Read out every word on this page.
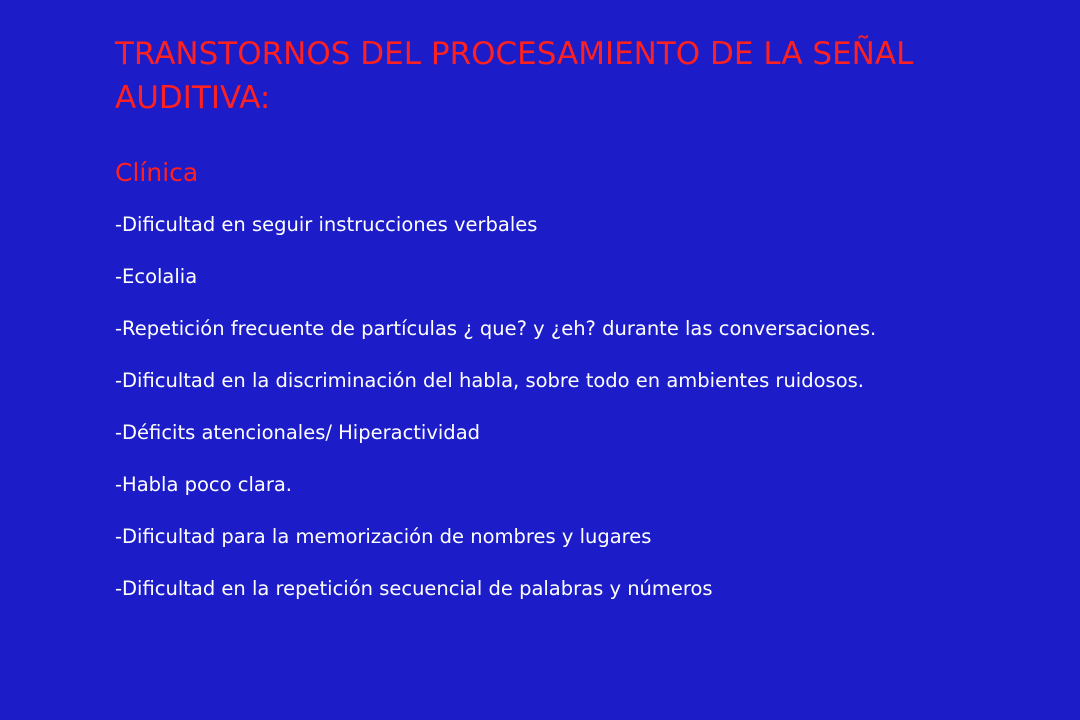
TRANSTORNOS DEL PROCESAMIENTO DE LA SEÑAL AUDITIVA:
Clínica
-Dificultad en seguir instrucciones verbales
-Ecolalia
-Repetición frecuente de partículas ¿ que? y ¿eh? durante las conversaciones.
-Dificultad en la discriminación del habla, sobre todo en ambientes ruidosos.
-Déficits atencionales/ Hiperactividad
-Habla poco clara.
-Dificultad para la memorización de nombres y lugares
-Dificultad en la repetición secuencial de palabras y números
